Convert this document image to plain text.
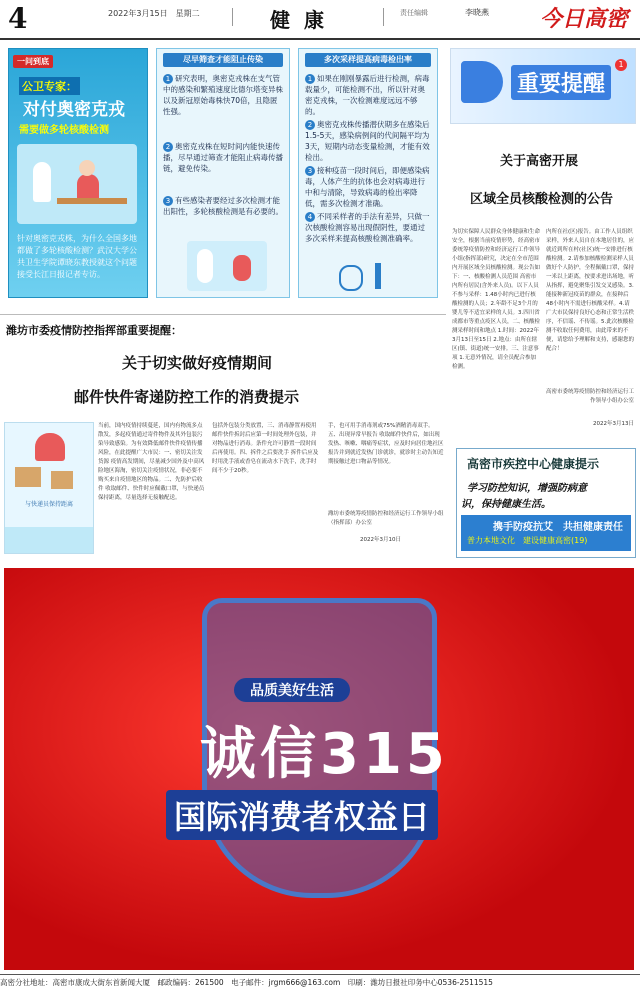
4	2022年3月15日　星期二	健康	责任编辑	李晓燕 今日高密
一问到底
公卫专家：
对付奥密克戎
需要做多轮核酸检测
针对奥密克戎株，为什么全国多地都做了多轮核酸检测？武汉大学公共卫生学院谭晓东教授就这个问题接受长江日报记者专访。
尽早筛查才能阻止传染
1 研究表明，奥密克戎株在支气管中的感染和繁殖速度比德尔塔变异株以及新冠原始毒株快70倍，且隐匿性强。
2 奥密克戎株在短时间内能快速传播，尽早通过筛查才能阻止病毒传播链，避免传染。
3 有些感染者要经过多次检测才能出阳性，多轮核酸检测是有必要的。
多次采样提高病毒检出率
1 如果在刚刚暴露后进行检测，病毒载量少，可能检测不出，所以针对奥密克戎株，一次检测难度远远不够的。
2 奥密克戎株传播潜伏期多在感染后1.5-5天，感染病例间的代间隔平均为3天，短期内动态变量检测，才能有效检出。
3 接种疫苗一段时间后，即便感染病毒，人体产生的抗体也会对病毒进行中和与清除，导致病毒的检出率降低，需多次检测才准确。
4 不同采样者的手法有差异，只做一次核酸检测容易出现假阴性，要通过多次采样来提高核酸检测准确率。
重要提醒
1
关于高密开展
区域全员核酸检测的公告
为切实保障人民群众身体健康和生命安全，根据当前疫情形势，经高密市委统筹疫情防控和经济运行工作领导小组(指挥部)研究，决定在全市范围内开展区域全员核酸检测。现公告如下：一、核酸检测人员范围 高密市内所有居民(含外来人员)。以下人员不参与采样：1.48小时内已进行核酸检测的人员；2.年龄不足3个月的婴儿等不适宜采样的人员。3.四川省成都市等重点疫区人员，二、核酸检测采样时间和地点 1.时间：2022年3月13日至15日 2.地点：由所在辖区(镇、街道)统一安排。三、注意事项 1.无意外情况，请全员配合参加检测。
内所在社(区)报告。由工作人员组织采样，外来人员自在本地居住的，应就近到所在村(社区)统一安排进行核酸检测。2.请参加核酸检测采样人员做好个人防护，全程佩戴口罩，保持一米以上距离，按要求进出场地，听从指挥，避免聚集引发交叉感染。3.能接种新冠疫苗的群众，在接种后48小时内不需进行核酸采样。4.请广大市民保持良好心态和正常生活秩序，不信谣、不传谣。5.此次核酸检测不收取任何费用，由此带来的不便，请您给予理解和支持，感谢您的配合！
高密市委统筹疫情防控和经济运行工作领导小组办公室
2022年3月13日
高密市疾控中心健康提示
学习防控知识，增强防病意
识，保持健康生活。
携手防疫抗艾　共担健康责任
普力本地文化　建设健康高密(19)
潍坊市委疫情防控指挥部重要提醒：
关于切实做好疫情期间
邮件快件寄递防控工作的消费提示
与快递员保持距离
当前，国内疫情持续蔓延，国内有物流多点散发，多起疫情通过寄件物件及其外包装污染导致感染。为有效降低邮件快件疫情传播风险，在此提醒广大市民：一、密切关注发货源 疫情高发期间，尽量减少国外及中高风险地区海淘，密切关注疫情状况，非必要不购买来自疫情地区的物品。二、先防护后收件 收取邮件、快件时应佩戴口罩，与快递员保持距离，尽量选择无接触配送。
包括外包装分类放置，三、消毒静置再使用 邮件快件拆封后应第一时间处理外包装，并对物品进行消毒。条件允许可静置一段时间后再使用。四、拆件之后要洗手 拆件后应及时用洗手液或香皂在流动水下洗手，洗手时间不少于20秒。
手，也可用手消毒剂或75%酒精消毒双手。五、出现异常早报告 收取邮件快件后，如出现发热、咳嗽、咽痛等症状，应及时向居住地社区报告并到就近发热门诊就诊，就诊时主动告知近期接触过进口物品等情况。
潍坊市委统筹疫情防控和经济运行工作领导小组（指挥部）办公室
2022年3月10日
品质美好生活
诚信315
国际消费者权益日
高密分社地址：高密市康成大街东首新闻大厦　邮政编码：261500　电子邮件：jrgm666@163.com　印刷：潍坊日报社印务中心0536-2511515
